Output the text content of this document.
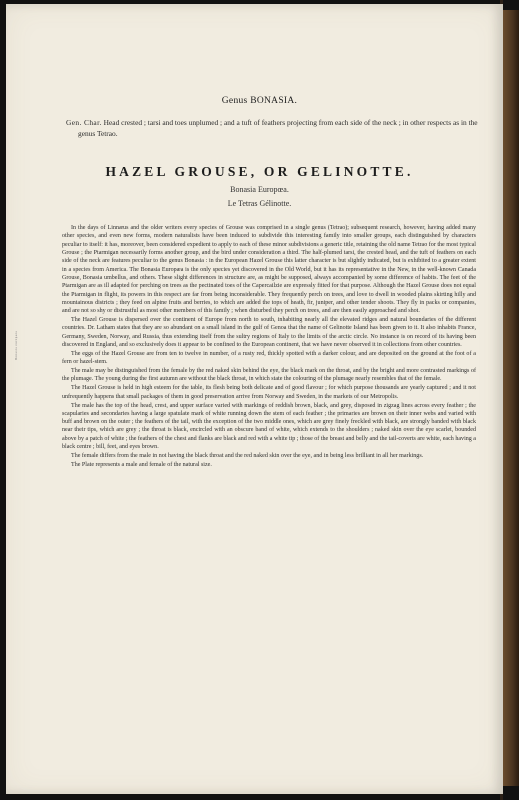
Bonasia europaea
Genus BONASIA.
Gen. Char. Head crested ; tarsi and toes unplumed ; and a tuft of feathers projecting from each side of the neck ; in other respects as in the genus Tetrao.
HAZEL GROUSE, OR GELINOTTE.
Bonasia Europœa.
Le Tetras Gélinotte.

In the days of Linnæus and the older writers every species of Grouse was comprised in a single genus (Tetrao); subsequent research, however, having added many other species, and even new forms, modern naturalists have been induced to subdivide this interesting family into smaller groups, each distinguished by characters peculiar to itself: it has, moreover, been considered expedient to apply to each of these minor subdivisions a generic title, retaining the old name Tetrao for the most typical Grouse ; the Ptarmigan necessarily forms another group, and the bird under consideration a third. The half-plumed tarsi, the crested head, and the tuft of feathers on each side of the neck are features peculiar to the genus Bonasia : in the European Hazel Grouse this latter character is but slightly indicated, but is exhibited to a greater extent in a species from America. The Bonasia Europæa is the only species yet discovered in the Old World, but it has its representative in the New, in the well-known Canada Grouse, Bonasia umbellus, and others. These slight differences in structure are, as might be supposed, always accompanied by some difference of habits. The feet of the Ptarmigan are as ill adapted for perching on trees as the pectinated toes of the Capercailzie are expressly fitted for that purpose. Although the Hazel Grouse does not equal the Ptarmigan in flight, its powers in this respect are far from being inconsiderable. They frequently perch on trees, and love to dwell in wooded plains skirting hilly and mountainous districts ; they feed on alpine fruits and berries, to which are added the tops of heath, fir, juniper, and other tender shoots. They fly in packs or companies, and are not so shy or distrustful as most other members of this family ; when disturbed they perch on trees, and are then easily approached and shot.

The Hazel Grouse is dispersed over the continent of Europe from north to south, inhabiting nearly all the elevated ridges and natural boundaries of the different countries. Dr. Latham states that they are so abundant on a small island in the gulf of Genoa that the name of Gelinotte Island has been given to it. It also inhabits France, Germany, Sweden, Norway, and Russia, thus extending itself from the sultry regions of Italy to the limits of the arctic circle. No instance is on record of its having been discovered in England, and so exclusively does it appear to be confined to the European continent, that we have never observed it in collections from other countries.

The eggs of the Hazel Grouse are from ten to twelve in number, of a rusty red, thickly spotted with a darker colour, and are deposited on the ground at the foot of a fern or hazel-stem.

The male may be distinguished from the female by the red naked skin behind the eye, the black mark on the throat, and by the bright and more contrasted markings of the plumage. The young during the first autumn are without the black throat, in which state the colouring of the plumage nearly resembles that of the female.

The Hazel Grouse is held in high esteem for the table, its flesh being both delicate and of good flavour ; for which purpose thousands are yearly captured ; and it not unfrequently happens that small packages of them in good preservation arrive from Norway and Sweden, in the markets of our Metropolis.

The male has the top of the head, crest, and upper surface varied with markings of reddish brown, black, and grey, disposed in zigzag lines across every feather ; the scapularies and secondaries having a large spatulate mark of white running down the stem of each feather ; the primaries are brown on their inner webs and varied with buff and brown on the outer ; the feathers of the tail, with the exception of the two middle ones, which are grey finely freckled with black, are strongly banded with black near their tips, which are grey ; the throat is black, encircled with an obscure band of white, which extends to the shoulders ; naked skin over the eye scarlet, bounded above by a patch of white ; the feathers of the chest and flanks are black and red with a white tip ; those of the breast and belly and the tail-coverts are white, each having a black centre ; bill, feet, and eyes brown.

The female differs from the male in not having the black throat and the red naked skin over the eye, and in being less brilliant in all her markings.

The Plate represents a male and female of the natural size.
